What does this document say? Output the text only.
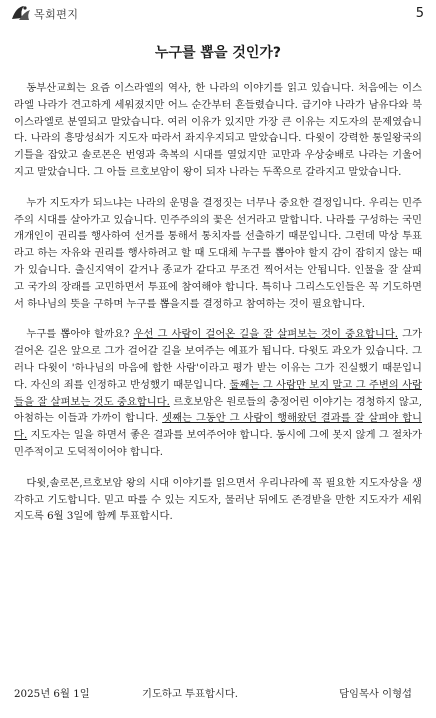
목회편지	5
누구를 뽑을 것인가?

동부산교회는 요즘 이스라엘의 역사, 한 나라의 이야기를 읽고 있습니다. 처음에는 이스라엘 나라가 견고하게 세워졌지만 어느 순간부터 흔들렸습니다. 급기야 나라가 남유다와 북이스라엘로 분열되고 말았습니다. 여러 이유가 있지만 가장 큰 이유는 지도자의 문제였습니다. 나라의 흥망성쇠가 지도자 따라서 좌지우지되고 말았습니다. 다윗이 강력한 통일왕국의 기틀을 잡았고 솔로몬은 번영과 축복의 시대를 열었지만 교만과 우상숭배로 나라는 기울어지고 말았습니다. 그 아들 르호보암이 왕이 되자 나라는 두쪽으로 갈라지고 말았습니다.

누가 지도자가 되느냐는 나라의 운명을 결정짓는 너무나 중요한 결정입니다. 우리는 민주주의 시대를 살아가고 있습니다. 민주주의의 꽃은 선거라고 말합니다. 나라를 구성하는 국민 개개인이 권리를 행사하여 선거를 통해서 통치자를 선출하기 때문입니다. 그런데 막상 투표라고 하는 자유와 권리를 행사하려고 할 때 도대체 누구를 뽑아야 할지 감이 잡히지 않는 때가 있습니다. 출신지역이 같거나 종교가 같다고 무조건 찍어서는 안됩니다. 인물을 잘 살피고 국가의 장래를 고민하면서 투표에 참여해야 합니다. 특히나 그리스도인들은 꼭 기도하면서 하나님의 뜻을 구하며 누구를 뽑을지를 결정하고 참여하는 것이 필요합니다.

누구를 뽑아야 할까요? 우선 그 사람이 걸어온 길을 잘 살펴보는 것이 중요합니다. 그가 걸어온 길은 앞으로 그가 걸어갈 길을 보여주는 예표가 됩니다. 다윗도 과오가 있습니다. 그러나 다윗이 '하나님의 마음에 합한 사람'이라고 평가 받는 이유는 그가 진실했기 때문입니다. 자신의 죄를 인정하고 반성했기 때문입니다. 둘째는 그 사람만 보지 말고 그 주변의 사람들을 잘 살펴보는 것도 중요합니다. 르호보암은 원로들의 충정어린 이야기는 경청하지 않고, 아첨하는 이들과 가까이 합니다. 셋째는 그동안 그 사람이 행해왔던 결과를 잘 살펴야 합니다. 지도자는 일을 하면서 좋은 결과를 보여주어야 합니다. 동시에 그에 못지 않게 그 절차가 민주적이고 도덕적이어야 합니다.

다윗,솔로몬,르호보암 왕의 시대 이야기를 읽으면서 우리나라에 꼭 필요한 지도자상을 생각하고 기도합니다. 믿고 따를 수 있는 지도자, 물러난 뒤에도 존경받을 만한 지도자가 세워지도록 6월 3일에 함께 투표합시다.

2025년 6월 1일	기도하고 투표합시다.	담임목사 이형섭
